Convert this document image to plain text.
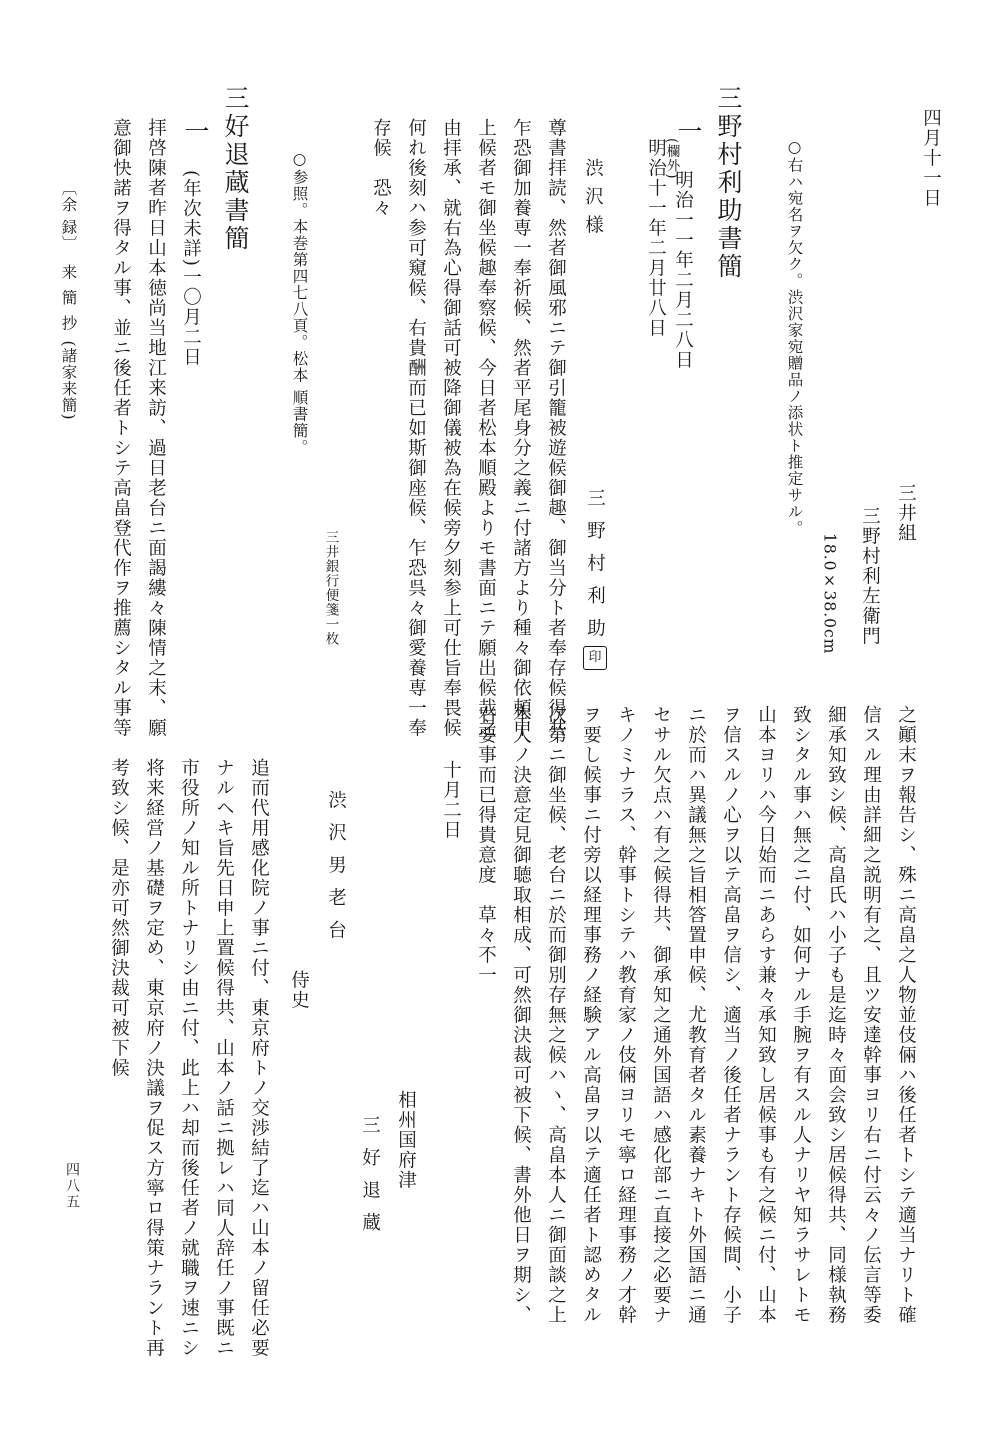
四月十一日
三井組
三野村利左衛門
18.0×38.0cm
○右ハ宛名ヲ欠ク。渋沢家宛贈品ノ添状ト推定サル。
三野村利助書簡
一
明治一一年二月二八日
(欄外)
明治十一年二月廿八日
三野村利助
印
渋沢様
尊書拝読、然者御風邪ニテ御引籠被遊候御趣、御当分ト者奉存候得共
乍恐御加養専一奉祈候、然者平尾身分之義ニ付諸方より種々御依頼申
上候者モ御坐候趣奉察候、今日者松本順殿よりモ書面ニテ願出候哉之
由拝承、就右為心得御話可被降御儀被為在候旁夕刻参上可仕旨奉畏候
何れ後刻ハ参可窺候、右貴酬而已如斯御座候、乍恐呉々御愛養専一奉
存候　恐々
三井銀行便箋一枚
○参照。本巻第四七八頁。松本 順書簡。
三好退蔵書簡
一
(年次未詳)一〇月二日
拝啓陳者昨日山本徳尚当地江来訪、過日老台ニ面謁縷々陳情之末、願
意御快諾ヲ得タル事、並ニ後任者トシテ高畠登代作ヲ推薦シタル事等
〔余 録〕来簡抄(諸家来簡)
之顚末ヲ報告シ、殊ニ高畠之人物並伎倆ハ後任者トシテ適当ナリト確
信スル理由詳細之説明有之、且ツ安達幹事ヨリ右ニ付云々ノ伝言等委
細承知致シ候、高畠氏ハ小子も是迄時々面会致シ居候得共、同様執務
致シタル事ハ無之ニ付、如何ナル手腕ヲ有スル人ナリヤ知ラサレトモ
山本ヨリハ今日始而ニあらす兼々承知致し居候事も有之候ニ付、山本
ヲ信スルノ心ヲ以テ高畠ヲ信シ、適当ノ後任者ナラント存候間、小子
ニ於而ハ異議無之旨相答置申候、尤教育者タル素養ナキト外国語ニ通
セサル欠点ハ有之候得共、御承知之通外国語ハ感化部ニ直接之必要ナ
キノミナラス、幹事トシテハ教育家ノ伎倆ヨリモ寧ロ経理事務ノ才幹
ヲ要し候事ニ付旁以経理事務ノ経験アル高畠ヲ以テ適任者ト認めタル
次第ニ御坐候、老台ニ於而御別存無之候ハヽ、高畠本人ニ御面談之上
本人ノ決意定見御聴取相成、可然御決裁可被下候、書外他日ヲ期シ、
右要事而已得貴意度　草々不一
十月二日
相州国府津
三好退蔵
渋沢男老台
侍史
追而代用感化院ノ事ニ付、東京府トノ交渉結了迄ハ山本ノ留任必要
ナルヘキ旨先日申上置候得共、山本ノ話ニ拠レハ同人辞任ノ事既ニ
市役所ノ知ル所トナリシ由ニ付、此上ハ却而後任者ノ就職ヲ速ニシ
将来経営ノ基礎ヲ定め、東京府ノ決議ヲ促ス方寧ロ得策ナラント再
考致シ候、是亦可然御決裁可被下候
四八五
